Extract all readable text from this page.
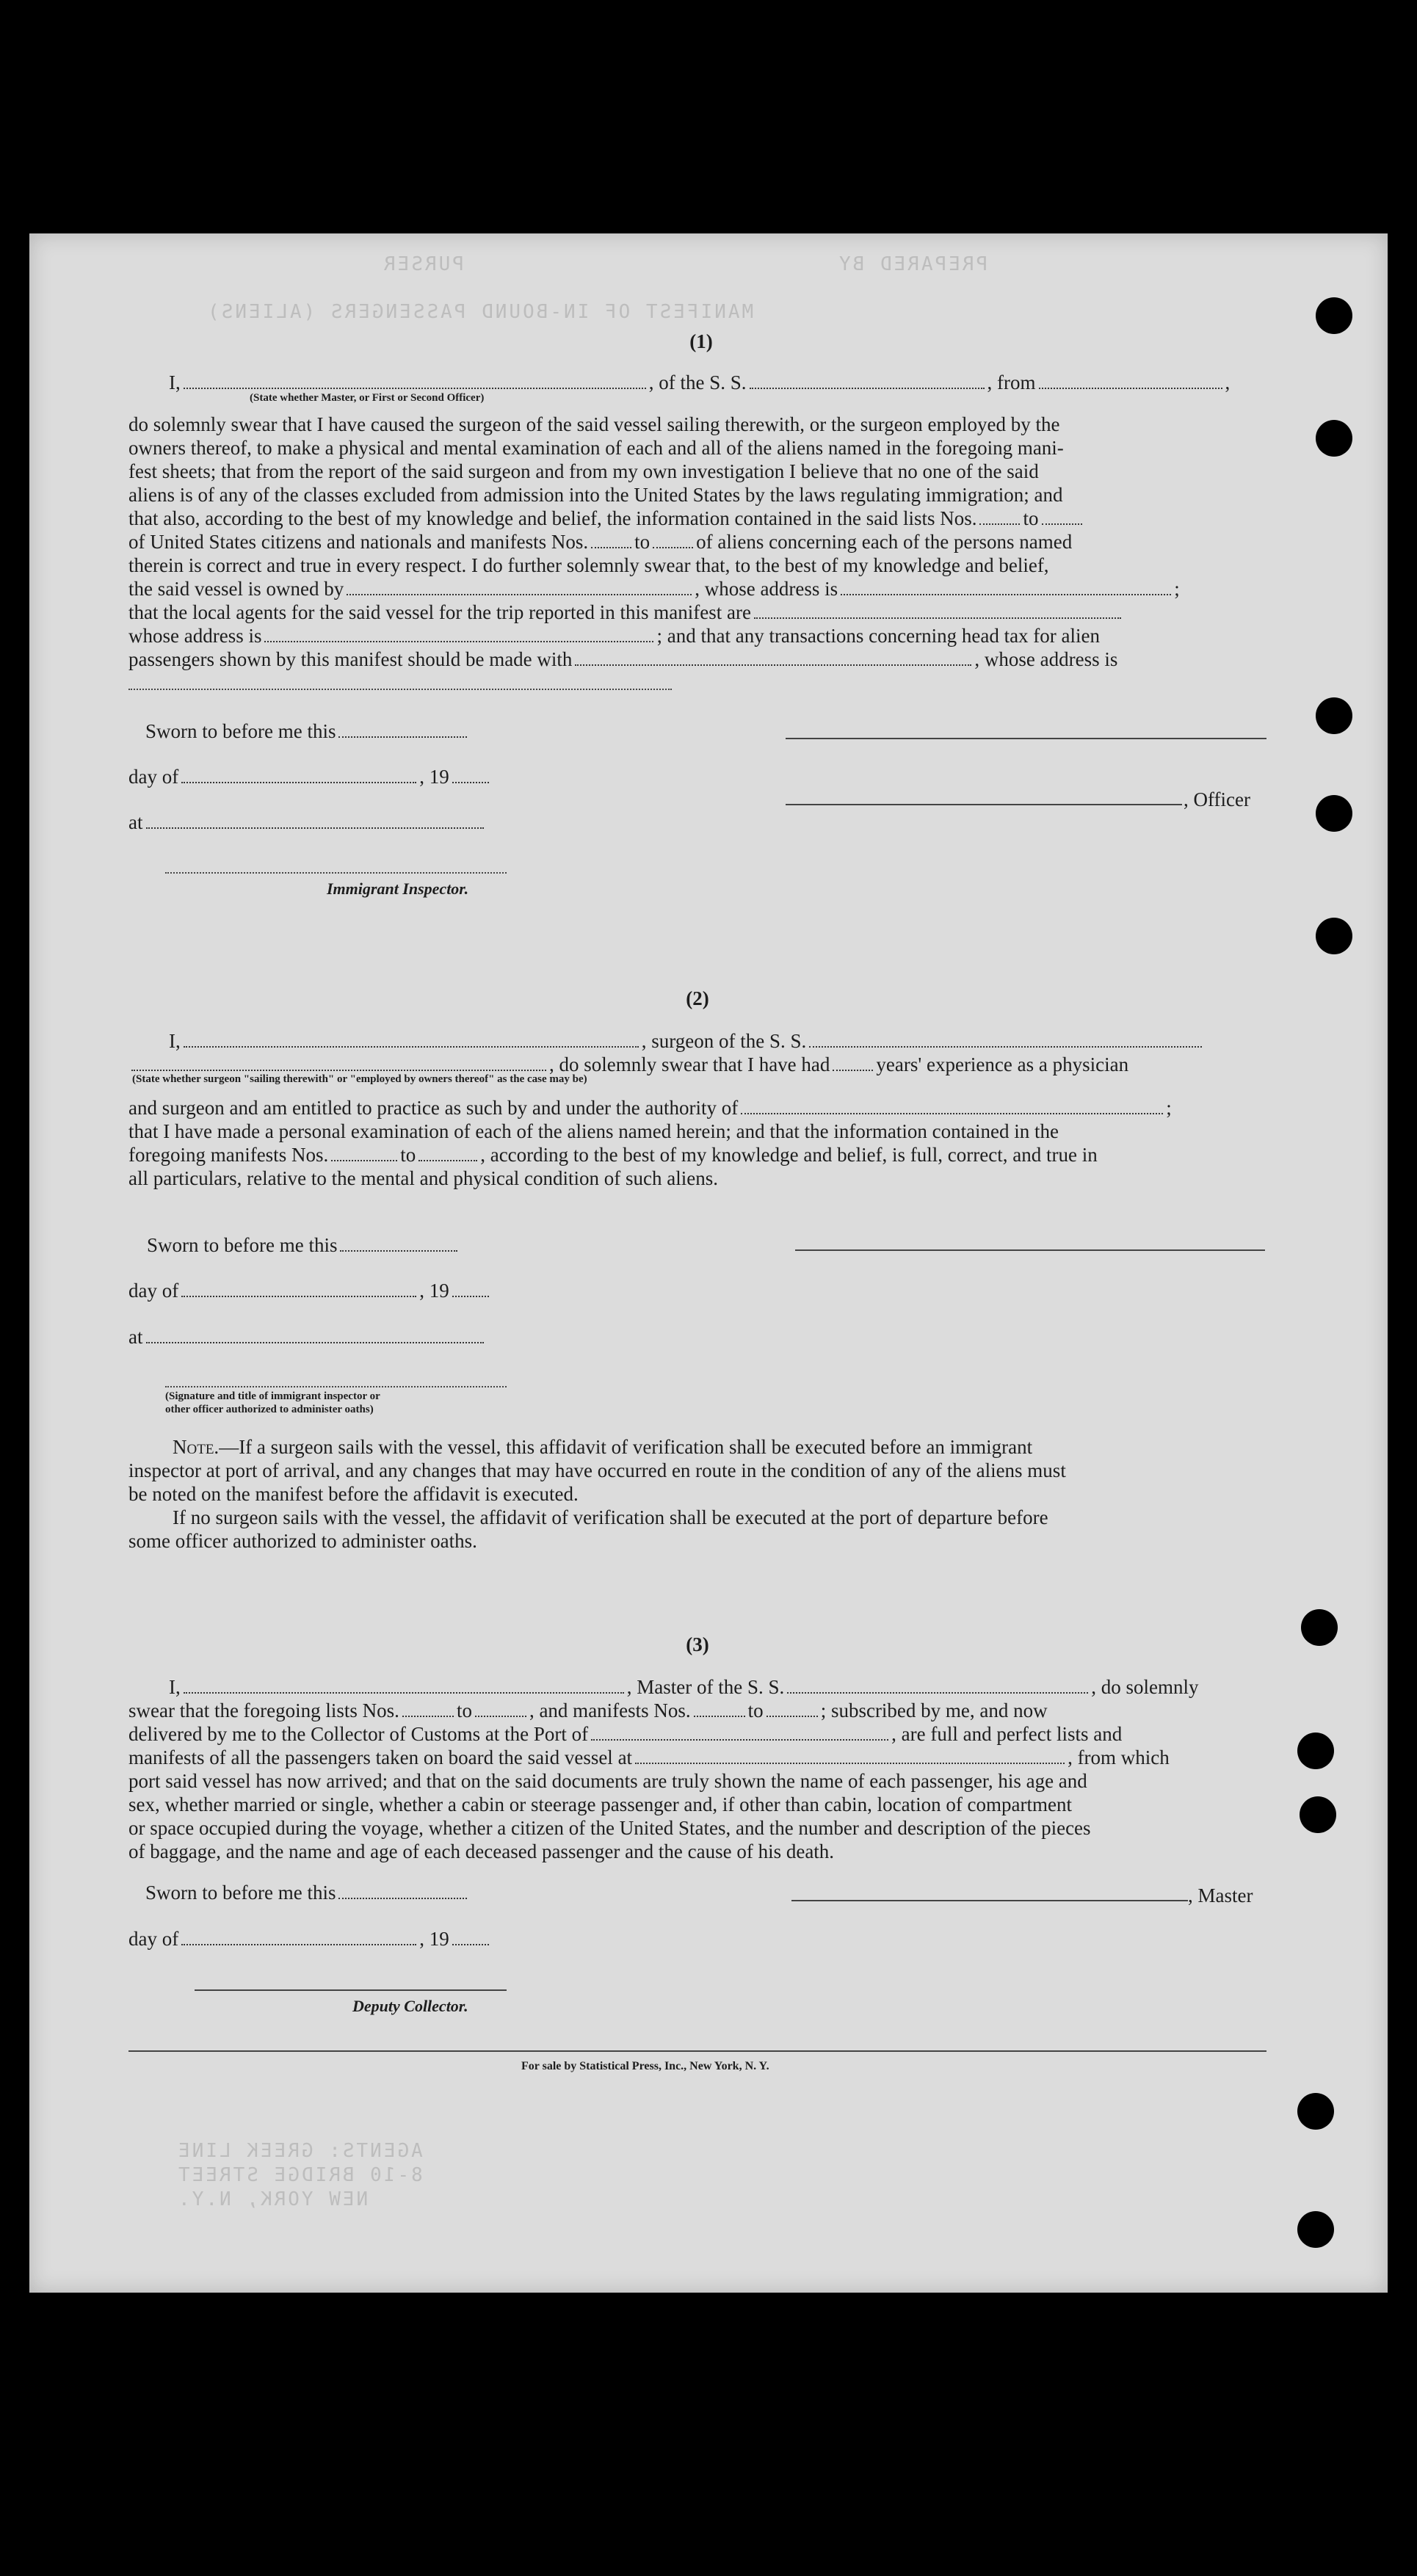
PREPARED BY
PURSER
MANIFEST OF IN-BOUND PASSENGERS (ALIENS)
AGENTS: GREEK LINE
8-10 BRIDGE STREET
NEW YORK, N.Y.
(1)
I,	, of the S. S.	, from	,
(State whether Master, or First or Second Officer)
do solemnly swear that I have caused the surgeon of the said vessel sailing therewith, or the surgeon employed by the
owners thereof, to make a physical and mental examination of each and all of the aliens named in the foregoing mani-
fest sheets; that from the report of the said surgeon and from my own investigation I believe that no one of the said
aliens is of any of the classes excluded from admission into the United States by the laws regulating immigration; and
that also, according to the best of my knowledge and belief, the information contained in the said lists Nos. to
of United States citizens and nationals and manifests Nos. to of aliens concerning each of the persons named
therein is correct and true in every respect. I do further solemnly swear that, to the best of my knowledge and belief,
the said vessel is owned by	, whose address is	;
that the local agents for the said vessel for the trip reported in this manifest are
whose address is	; and that any transactions concerning head tax for alien
passengers shown by this manifest should be made with	, whose address is
Sworn to before me this
day of	, 19
at
Immigrant Inspector.
, Officer
(2)
I,	, surgeon of the S. S.
, do solemnly swear that I have had years' experience as a physician
(State whether surgeon "sailing therewith" or "employed by owners thereof" as the case may be)
and surgeon and am entitled to practice as such by and under the authority of	;
that I have made a personal examination of each of the aliens named herein; and that the information contained in the
foregoing manifests Nos.	to	, according to the best of my knowledge and belief, is full, correct, and true in
all particulars, relative to the mental and physical condition of such aliens.
Sworn to before me this
day of	, 19
at
(Signature and title of immigrant inspector or
other officer authorized to administer oaths)
Note.—If a surgeon sails with the vessel, this affidavit of verification shall be executed before an immigrant
inspector at port of arrival, and any changes that may have occurred en route in the condition of any of the aliens must
be noted on the manifest before the affidavit is executed.
If no surgeon sails with the vessel, the affidavit of verification shall be executed at the port of departure before
some officer authorized to administer oaths.
(3)
I,	, Master of the S. S.	, do solemnly
swear that the foregoing lists Nos.	to	, and manifests Nos.	to	; subscribed by me, and now
delivered by me to the Collector of Customs at the Port of	, are full and perfect lists and
manifests of all the passengers taken on board the said vessel at	, from which
port said vessel has now arrived; and that on the said documents are truly shown the name of each passenger, his age and
sex, whether married or single, whether a cabin or steerage passenger and, if other than cabin, location of compartment
or space occupied during the voyage, whether a citizen of the United States, and the number and description of the pieces
of baggage, and the name and age of each deceased passenger and the cause of his death.
Sworn to before me this	, Master
day of	, 19
Deputy Collector.
For sale by Statistical Press, Inc., New York, N. Y.
